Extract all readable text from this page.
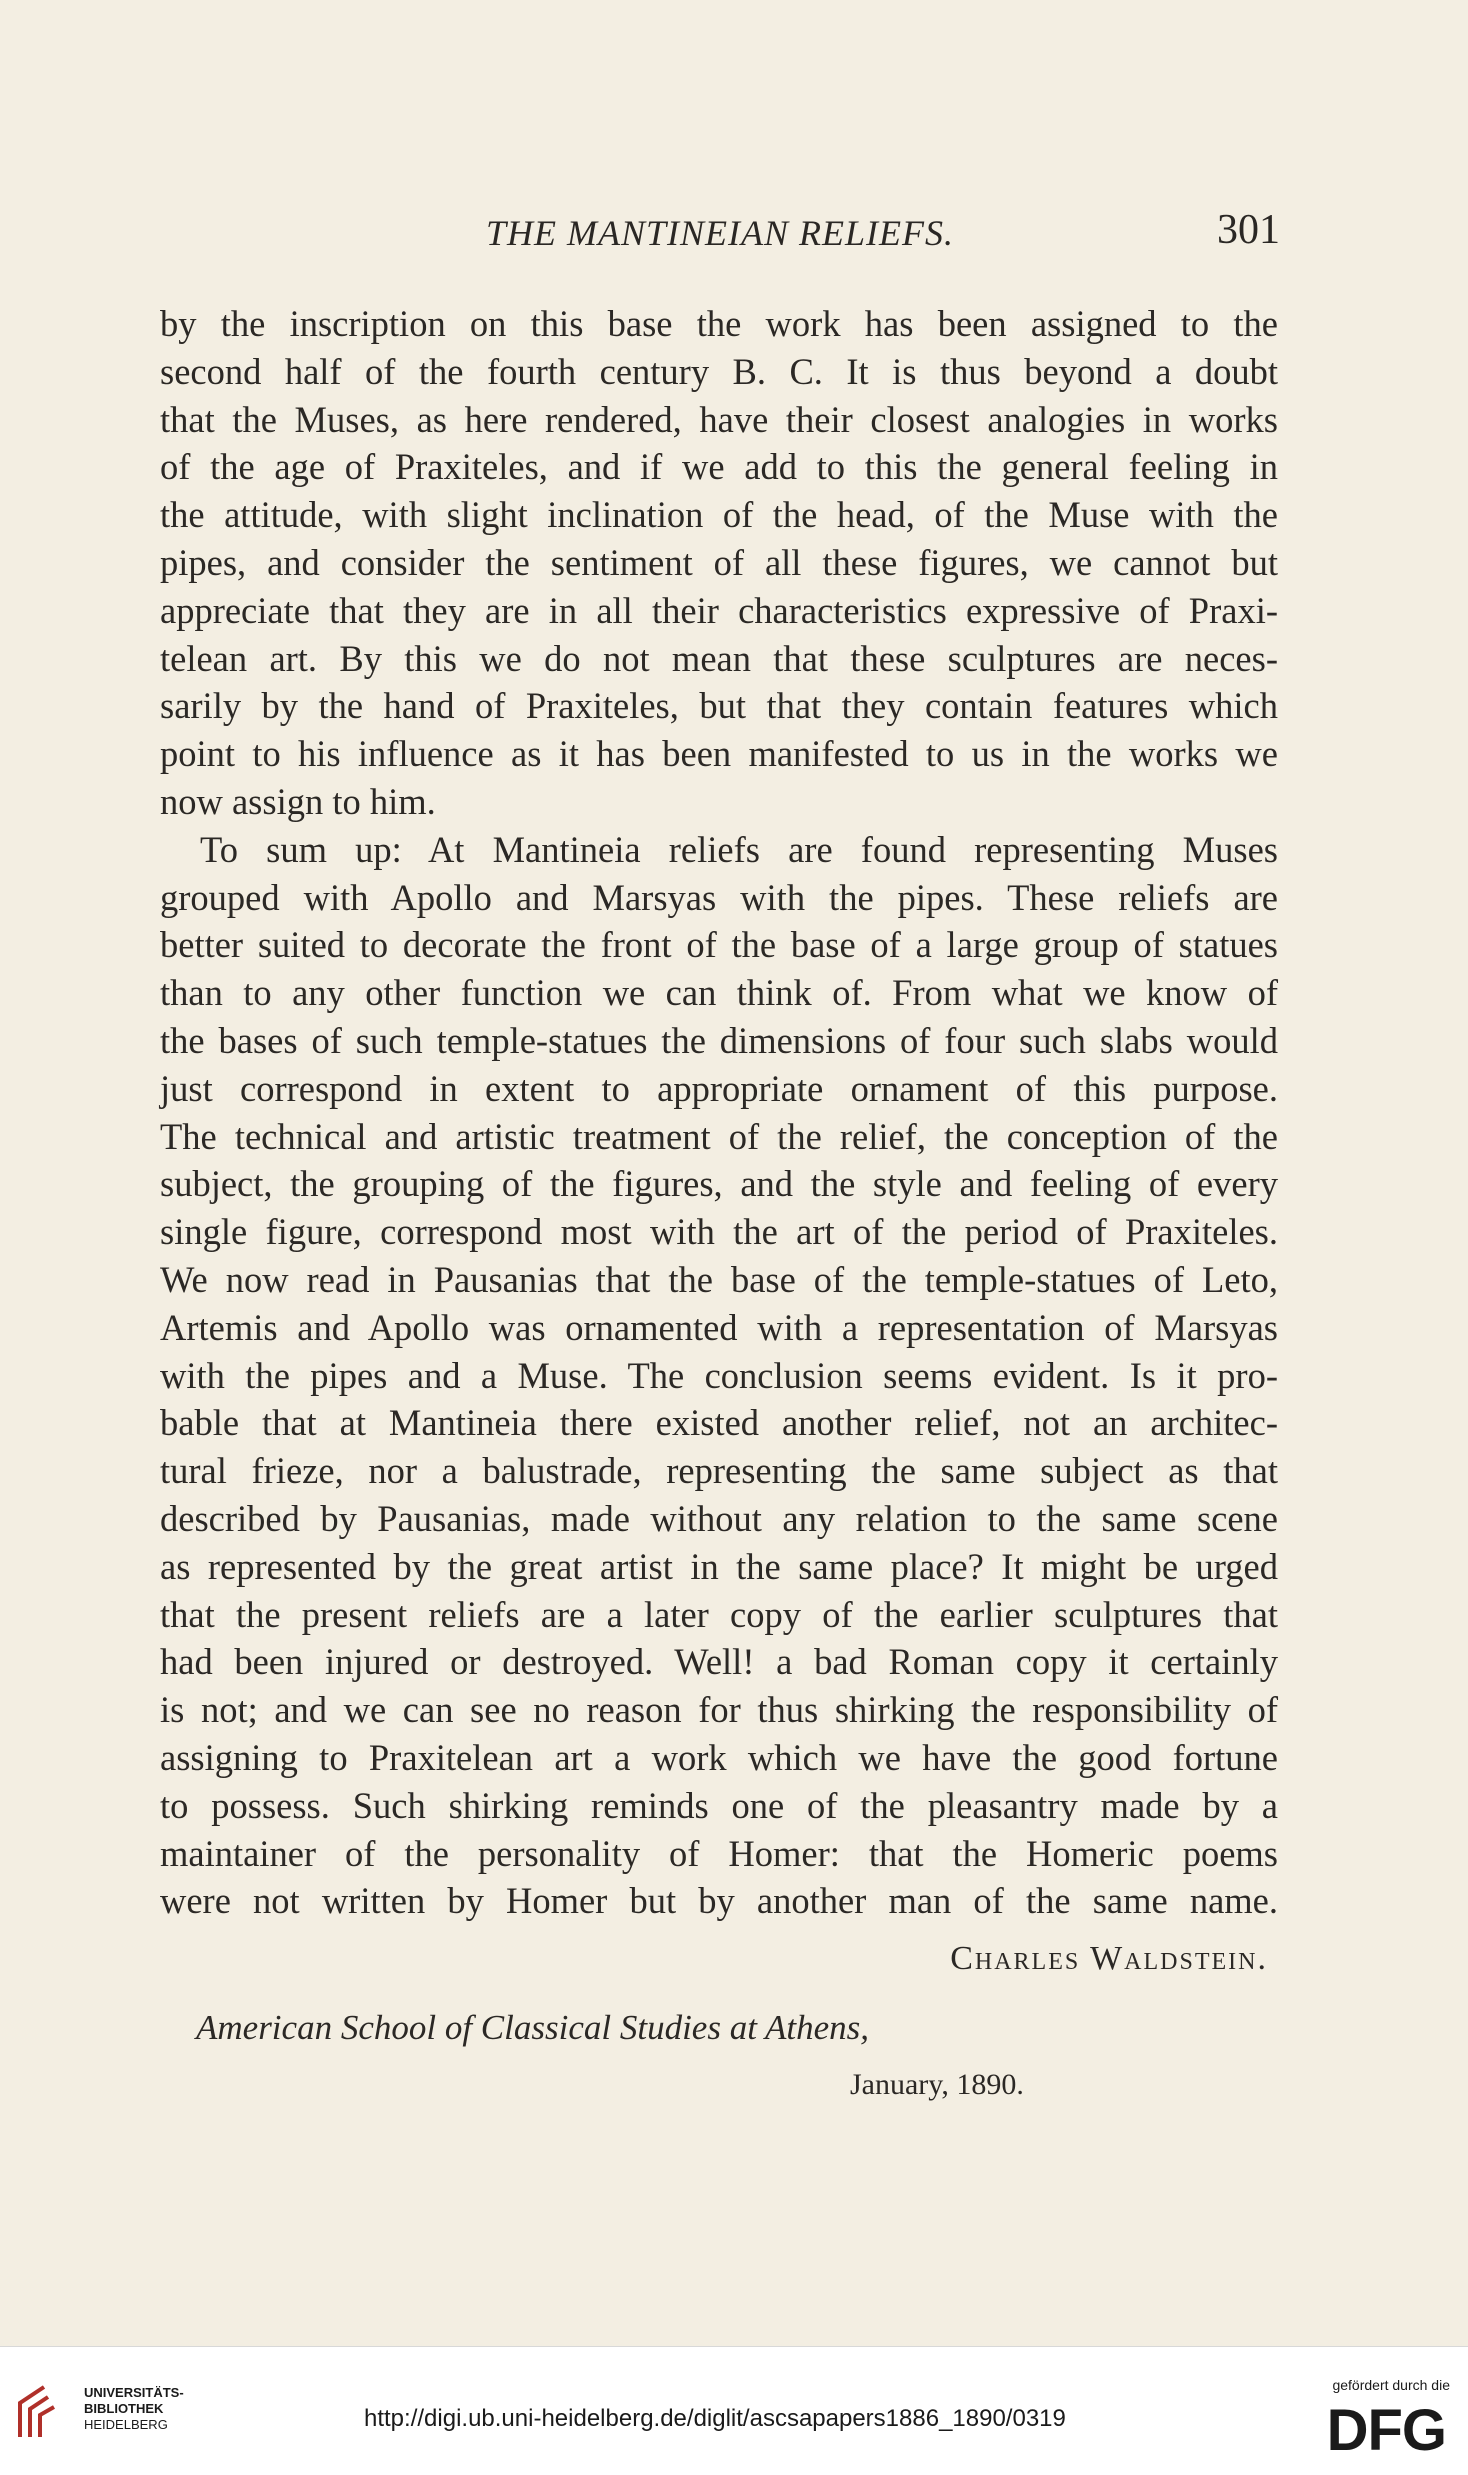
THE MANTINEIAN RELIEFS.	301
by the inscription on this base the work has been assigned to the
second half of the fourth century B. C. It is thus beyond a doubt
that the Muses, as here rendered, have their closest analogies in works
of the age of Praxiteles, and if we add to this the general feeling in
the attitude, with slight inclination of the head, of the Muse with the
pipes, and consider the sentiment of all these figures, we cannot but
appreciate that they are in all their characteristics expressive of Praxi-
telean art. By this we do not mean that these sculptures are neces-
sarily by the hand of Praxiteles, but that they contain features which
point to his influence as it has been manifested to us in the works we
now assign to him.
To sum up: At Mantineia reliefs are found representing Muses
grouped with Apollo and Marsyas with the pipes. These reliefs are
better suited to decorate the front of the base of a large group of statues
than to any other function we can think of. From what we know of
the bases of such temple-statues the dimensions of four such slabs would
just correspond in extent to appropriate ornament of this purpose.
The technical and artistic treatment of the relief, the conception of the
subject, the grouping of the figures, and the style and feeling of every
single figure, correspond most with the art of the period of Praxiteles.
We now read in Pausanias that the base of the temple-statues of Leto,
Artemis and Apollo was ornamented with a representation of Marsyas
with the pipes and a Muse. The conclusion seems evident. Is it pro-
bable that at Mantineia there existed another relief, not an architec-
tural frieze, nor a balustrade, representing the same subject as that
described by Pausanias, made without any relation to the same scene
as represented by the great artist in the same place? It might be urged
that the present reliefs are a later copy of the earlier sculptures that
had been injured or destroyed. Well! a bad Roman copy it certainly
is not; and we can see no reason for thus shirking the responsibility of
assigning to Praxitelean art a work which we have the good fortune
to possess. Such shirking reminds one of the pleasantry made by a
maintainer of the personality of Homer: that the Homeric poems
were not written by Homer but by another man of the same name.
Charles Waldstein.
American School of Classical Studies at Athens,
January, 1890.
UNIVERSITÄTS-
BIBLIOTHEK
HEIDELBERG	http://digi.ub.uni-heidelberg.de/diglit/ascsapapers1886_1890/0319
gefördert durch die
DFG
